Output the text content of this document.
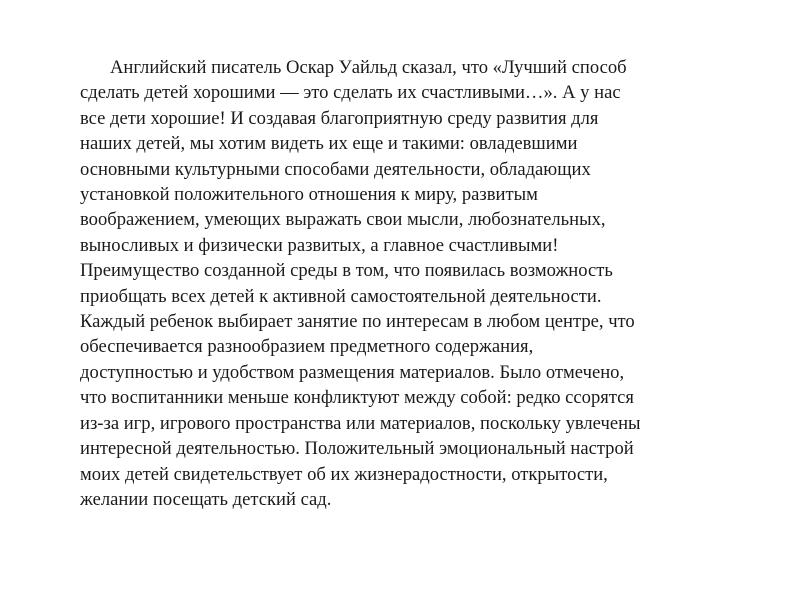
Английский писатель Оскар Уайльд сказал, что «Лучший способ
сделать детей хорошими — это сделать их счастливыми…». А у нас
все дети хорошие! И создавая благоприятную среду развития для
наших детей, мы хотим видеть их еще и такими: овладевшими
основными культурными способами деятельности, обладающих
установкой положительного отношения к миру, развитым
воображением, умеющих выражать свои мысли, любознательных,
выносливых и физически развитых, а главное счастливыми!
Преимущество созданной среды в том, что появилась возможность
приобщать всех детей к активной самостоятельной деятельности.
Каждый ребенок выбирает занятие по интересам в любом центре, что
обеспечивается разнообразием предметного содержания,
доступностью и удобством размещения материалов. Было отмечено,
что воспитанники меньше конфликтуют между собой: редко ссорятся
из-за игр, игрового пространства или материалов, поскольку увлечены
интересной деятельностью. Положительный эмоциональный настрой
моих детей свидетельствует об их жизнерадостности, открытости,
желании посещать детский сад.
